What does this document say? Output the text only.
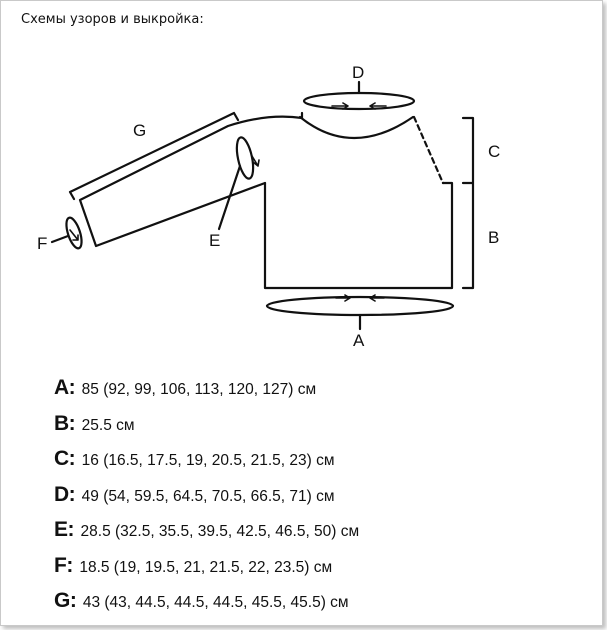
Схемы узоров и выкройка:
G
D
C
B
E
F
A
A : 85 (92, 99, 106, 113, 120, 127) см
B : 25.5 см
C : 16 (16.5, 17.5, 19, 20.5, 21.5, 23) см
D : 49 (54, 59.5, 64.5, 70.5, 66.5, 71) см
E : 28.5 (32.5, 35.5, 39.5, 42.5, 46.5, 50) см
F : 18.5 (19, 19.5, 21, 21.5, 22, 23.5) см
G : 43 (43, 44.5, 44.5, 44.5, 45.5, 45.5) см
